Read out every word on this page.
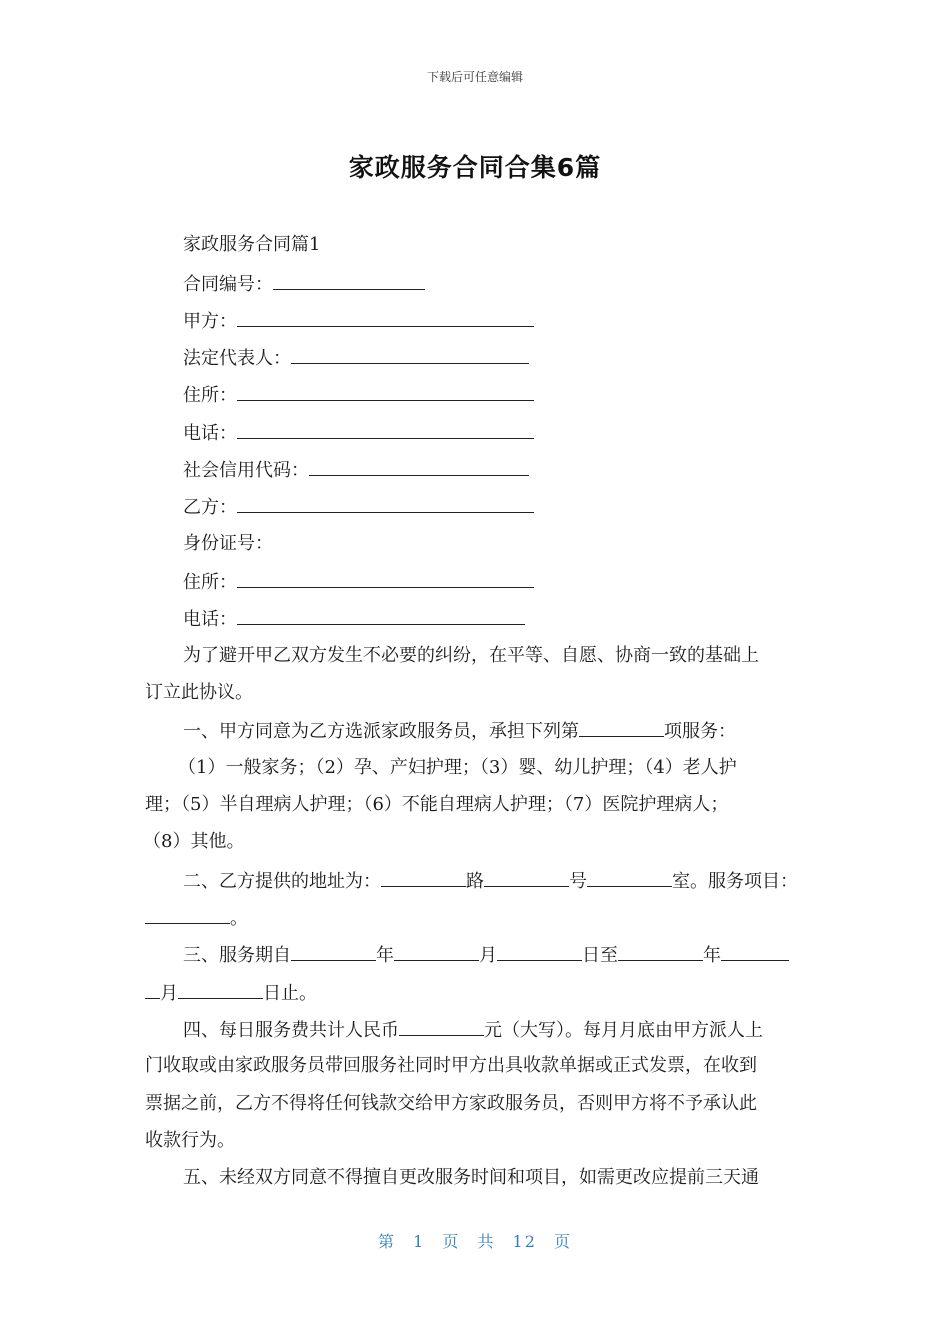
下载后可任意编辑
家政服务合同合集6篇
家政服务合同篇1
合同编号：
甲方：
法定代表人：
住所：
电话：
社会信用代码：
乙方：
身份证号：
住所：
电话：
为了避开甲乙双方发生不必要的纠纷，在平等、自愿、协商一致的基础上
订立此协议。
一、甲方同意为乙方选派家政服务员，承担下列第	项服务：
（1）一般家务；（2）孕、产妇护理；（3）婴、幼儿护理；（4）老人护
理；（5）半自理病人护理；（6）不能自理病人护理；（7）医院护理病人；
（8）其他。
二、乙方提供的地址为：	路	号	室。服务项目：
。
三、服务期自	年	月	日至	年
月	日止。
四、每日服务费共计人民币	元（大写）。每月月底由甲方派人上
门收取或由家政服务员带回服务社同时甲方出具收款单据或正式发票，在收到
票据之前，乙方不得将任何钱款交给甲方家政服务员，否则甲方将不予承认此
收款行为。
五、未经双方同意不得擅自更改服务时间和项目，如需更改应提前三天通
第 1 页 共 12 页
